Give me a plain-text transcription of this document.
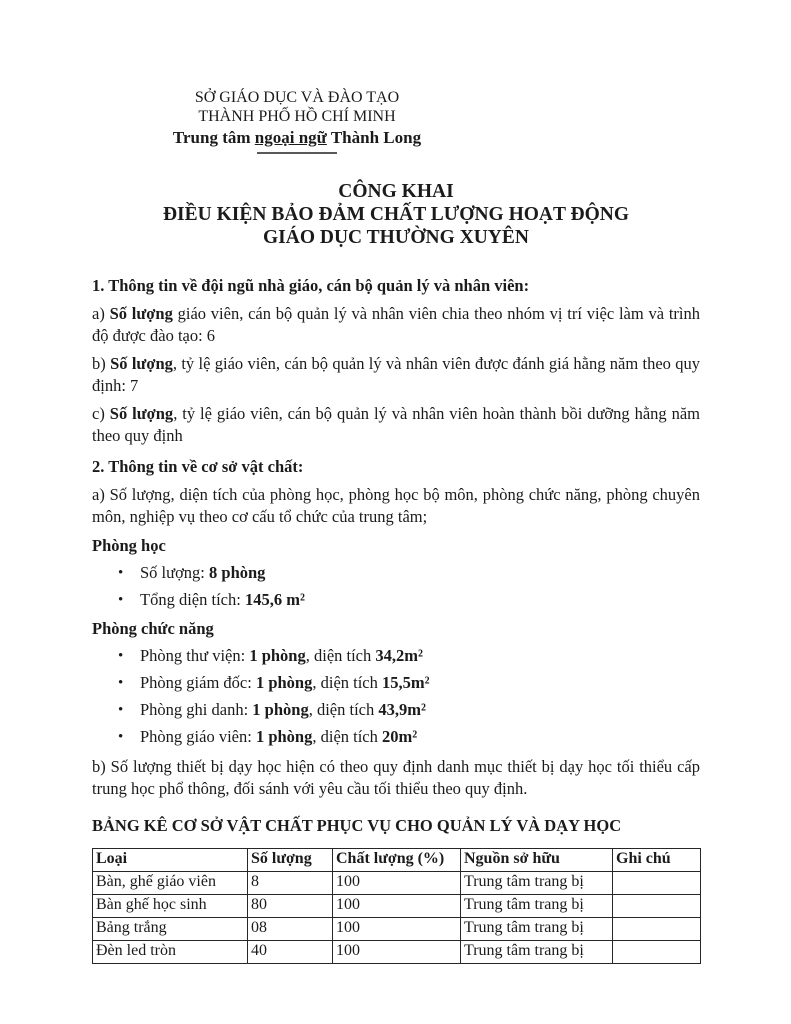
SỞ GIÁO DỤC VÀ ĐÀO TẠO
THÀNH PHỐ HỒ CHÍ MINH
Trung tâm ngoại ngữ Thành Long
CÔNG KHAI
ĐIỀU KIỆN BẢO ĐẢM CHẤT LƯỢNG HOẠT ĐỘNG
GIÁO DỤC THƯỜNG XUYÊN
1. Thông tin về đội ngũ nhà giáo, cán bộ quản lý và nhân viên:

a) Số lượng giáo viên, cán bộ quản lý và nhân viên chia theo nhóm vị trí việc làm và trình độ được đào tạo: 6

b) Số lượng, tỷ lệ giáo viên, cán bộ quản lý và nhân viên được đánh giá hằng năm theo quy định: 7

c) Số lượng, tỷ lệ giáo viên, cán bộ quản lý và nhân viên hoàn thành bồi dưỡng hằng năm theo quy định

2. Thông tin về cơ sở vật chất:

a) Số lượng, diện tích của phòng học, phòng học bộ môn, phòng chức năng, phòng chuyên môn, nghiệp vụ theo cơ cấu tổ chức của trung tâm;

Phòng học
•	Số lượng: 8 phòng
•	Tổng diện tích: 145,6 m²
Phòng chức năng
•	Phòng thư viện: 1 phòng, diện tích 34,2m²
•	Phòng giám đốc: 1 phòng, diện tích 15,5m²
•	Phòng ghi danh: 1 phòng, diện tích 43,9m²
•	Phòng giáo viên: 1 phòng, diện tích 20m²

b) Số lượng thiết bị dạy học hiện có theo quy định danh mục thiết bị dạy học tối thiểu cấp trung học phổ thông, đối sánh với yêu cầu tối thiểu theo quy định.

BẢNG KÊ CƠ SỞ VẬT CHẤT PHỤC VỤ CHO QUẢN LÝ VÀ DẠY HỌC
Loại	Số lượng	Chất lượng (%)	Nguồn sở hữu	Ghi chú
Bàn, ghế giáo viên	8	100	Trung tâm trang bị	
Bàn ghế học sinh	80	100	Trung tâm trang bị	
Bảng trắng	08	100	Trung tâm trang bị	
Đèn led tròn	40	100	Trung tâm trang bị	
